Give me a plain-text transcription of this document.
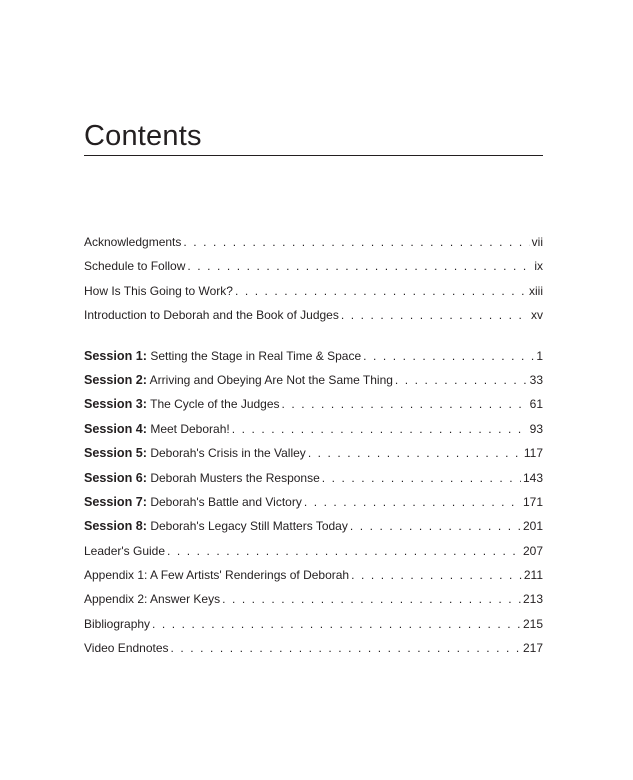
Contents
Acknowledgments . . .	vii
Schedule to Follow . . .	ix
How Is This Going to Work? . . .	xiii
Introduction to Deborah and the Book of Judges . . .	xv
Session 1: Setting the Stage in Real Time & Space . . .	1
Session 2: Arriving and Obeying Are Not the Same Thing . . .	33
Session 3: The Cycle of the Judges . . .	61
Session 4: Meet Deborah! . . .	93
Session 5: Deborah's Crisis in the Valley . . .	117
Session 6: Deborah Musters the Response . . .	143
Session 7: Deborah's Battle and Victory . . .	171
Session 8: Deborah's Legacy Still Matters Today . . .	201
Leader's Guide . . .	207
Appendix 1: A Few Artists' Renderings of Deborah . . .	211
Appendix 2: Answer Keys . . .	213
Bibliography . . .	215
Video Endnotes . . .	217
